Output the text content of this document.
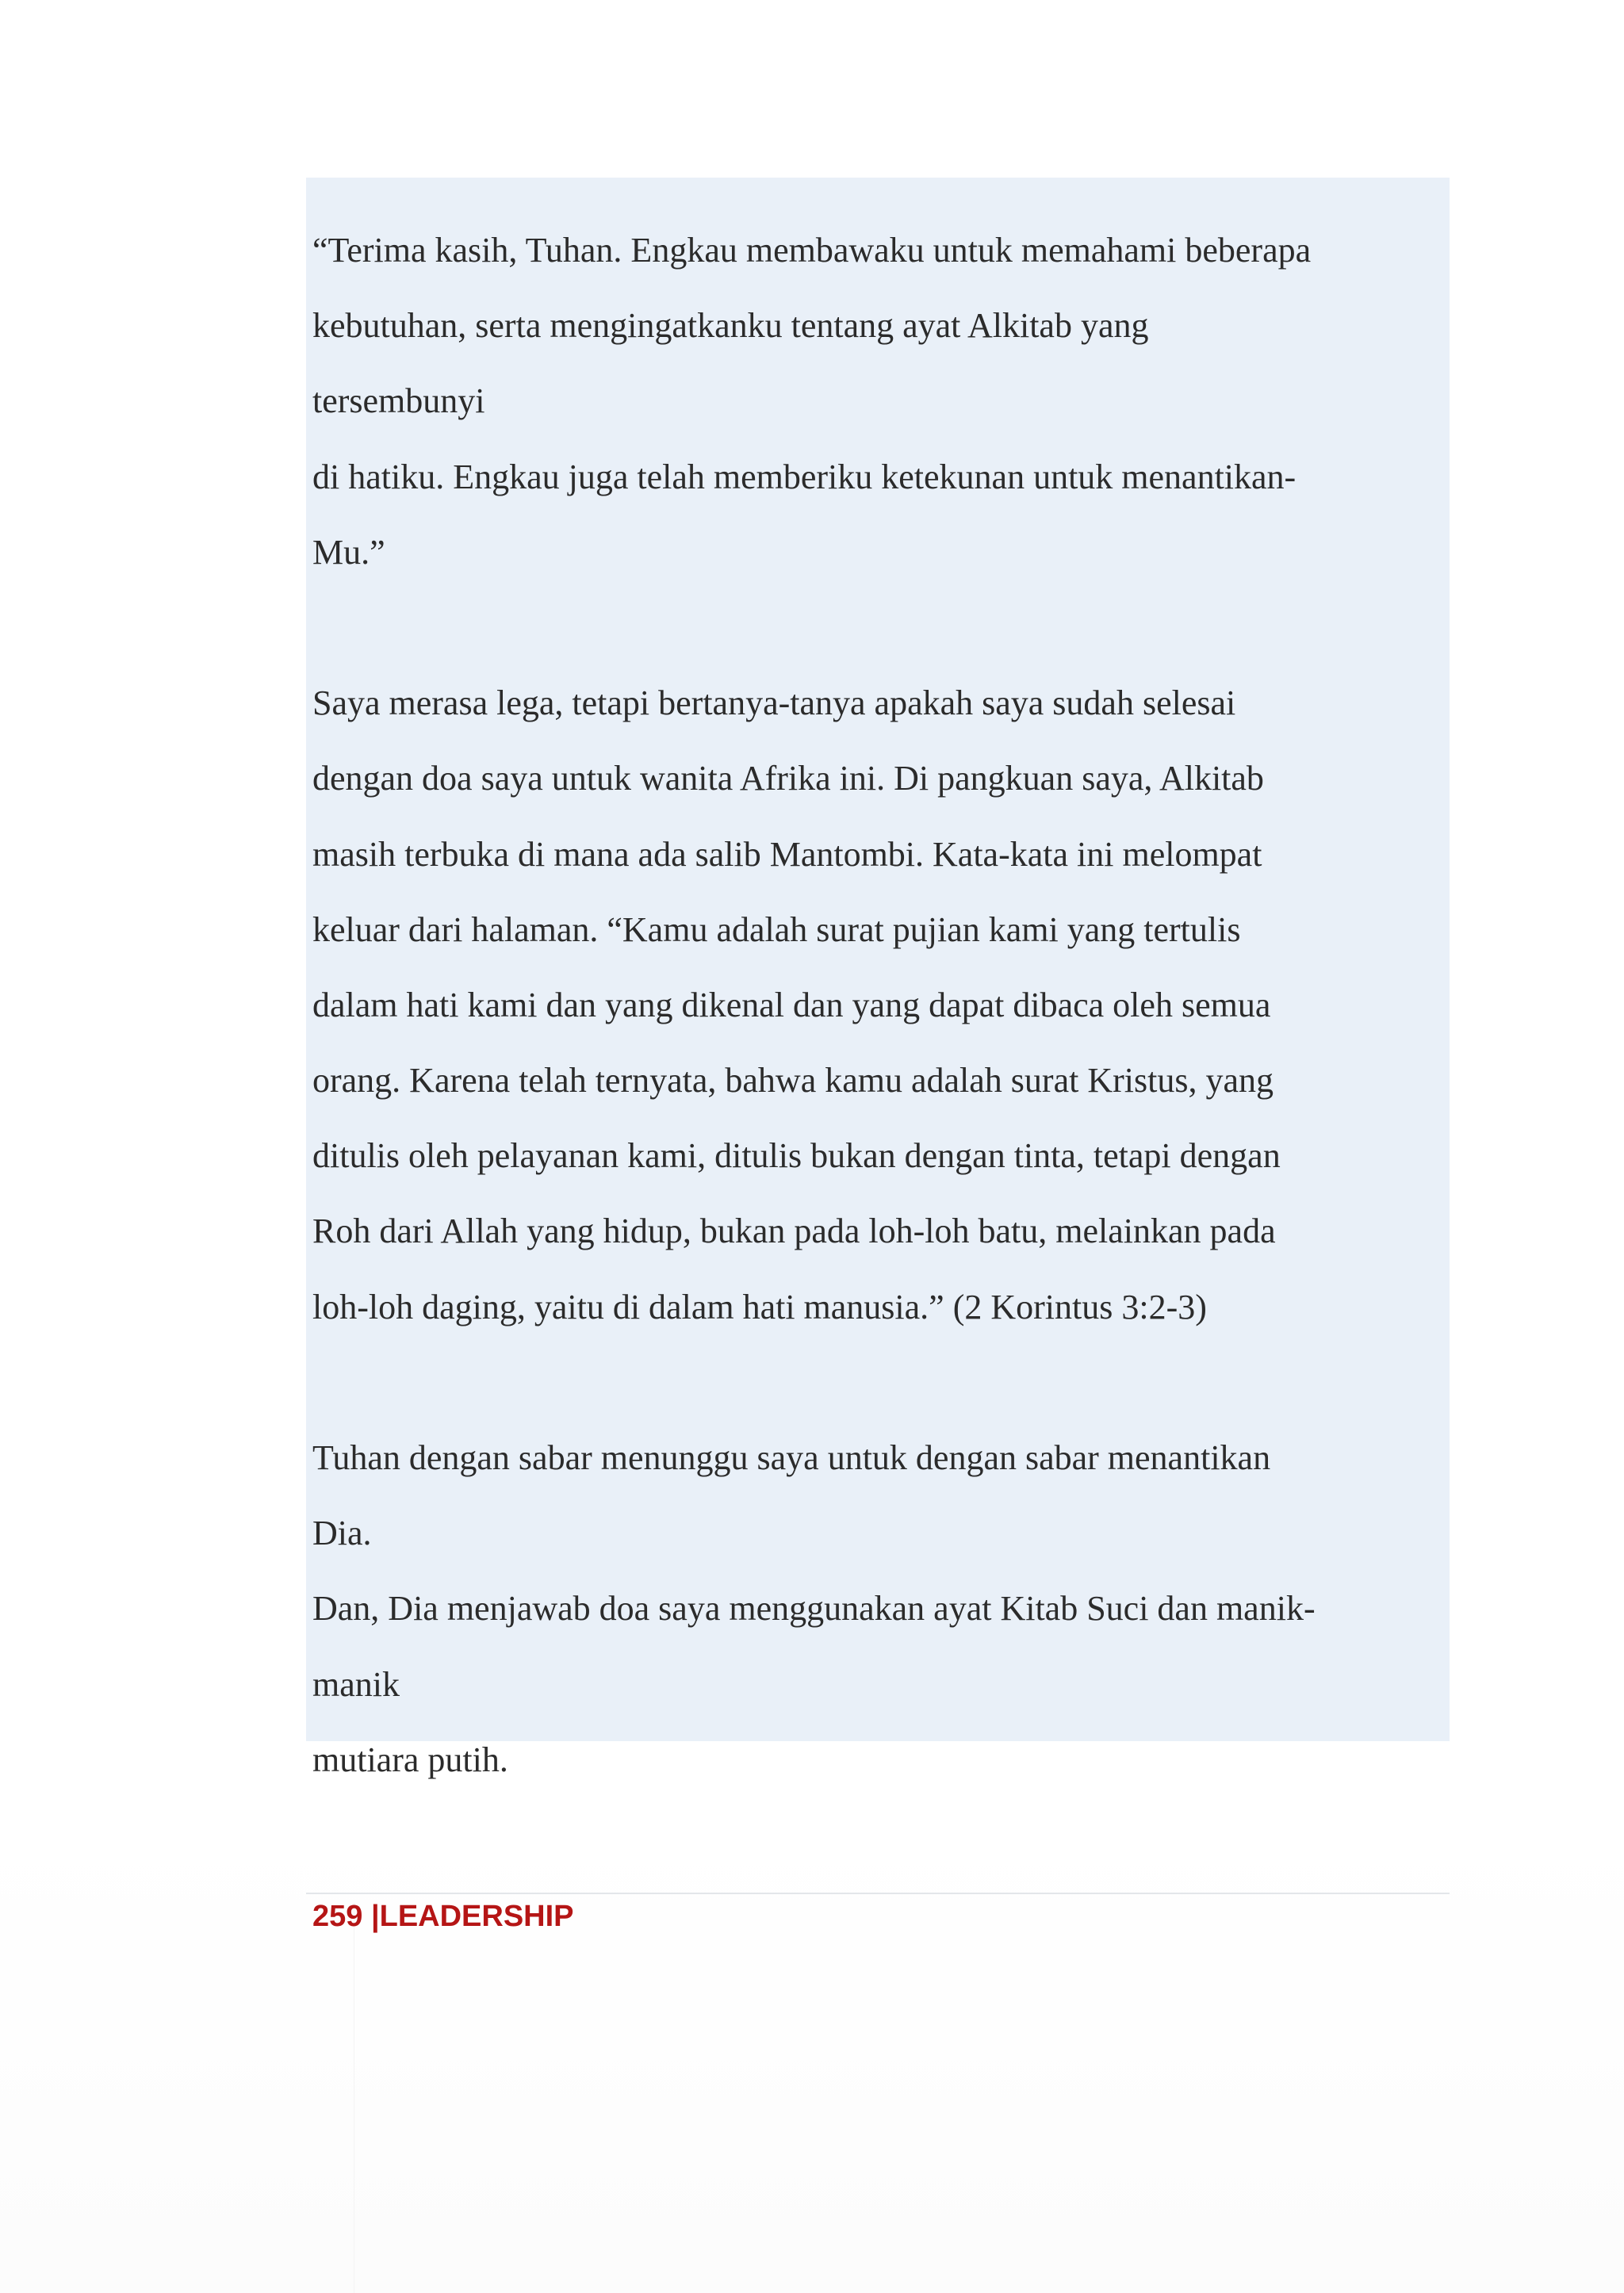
“Terima kasih, Tuhan. Engkau membawaku untuk memahami beberapa
kebutuhan, serta mengingatkanku tentang ayat Alkitab yang
tersembunyi
di hatiku. Engkau juga telah memberiku ketekunan untuk menantikan-
Mu.”
Saya merasa lega, tetapi bertanya-tanya apakah saya sudah selesai
dengan doa saya untuk wanita Afrika ini. Di pangkuan saya, Alkitab
masih terbuka di mana ada salib Mantombi. Kata-kata ini melompat
keluar dari halaman. “Kamu adalah surat pujian kami yang tertulis
dalam hati kami dan yang dikenal dan yang dapat dibaca oleh semua
orang. Karena telah ternyata, bahwa kamu adalah surat Kristus, yang
ditulis oleh pelayanan kami, ditulis bukan dengan tinta, tetapi dengan
Roh dari Allah yang hidup, bukan pada loh-loh batu, melainkan pada
loh-loh daging, yaitu di dalam hati manusia.” (2 Korintus 3:2-3)
Tuhan dengan sabar menunggu saya untuk dengan sabar menantikan
Dia.
Dan, Dia menjawab doa saya menggunakan ayat Kitab Suci dan manik-
manik
mutiara putih.
259 |LEADERSHIP
